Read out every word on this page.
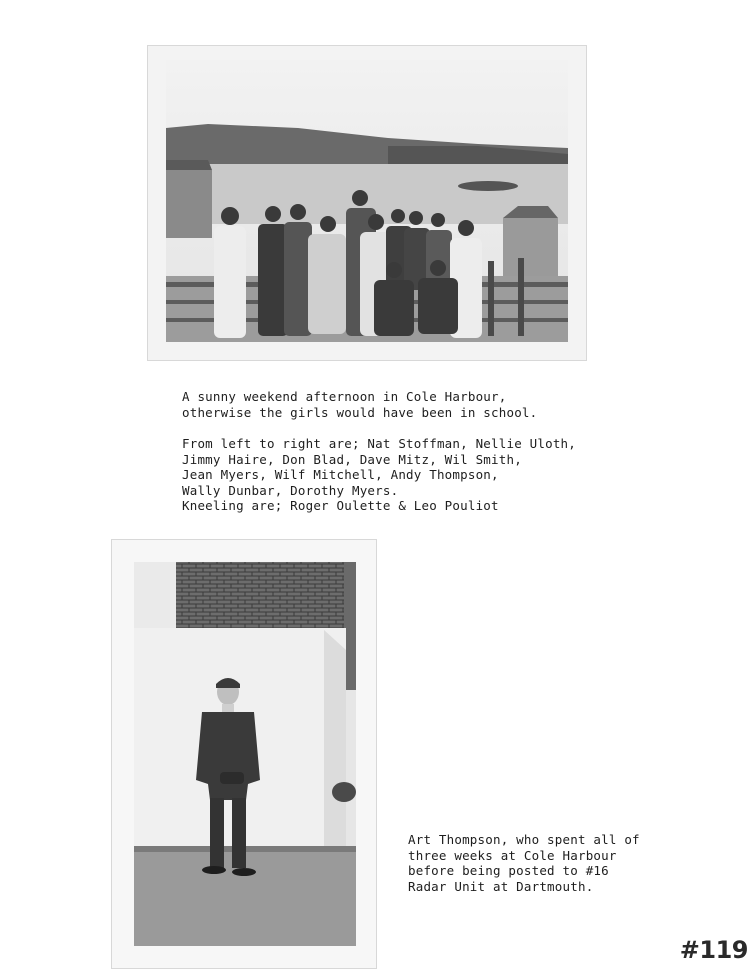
A sunny weekend afternoon in Cole Harbour,
otherwise the girls would have been in school.
From left to right are; Nat Stoffman, Nellie Uloth,
Jimmy Haire, Don Blad, Dave Mitz, Wil Smith,
Jean Myers, Wilf Mitchell, Andy Thompson,
Wally Dunbar, Dorothy Myers.
Kneeling are; Roger Oulette & Leo Pouliot
Art Thompson, who spent all of
three weeks at Cole Harbour
before being posted to #16
Radar Unit at Dartmouth.
#119
